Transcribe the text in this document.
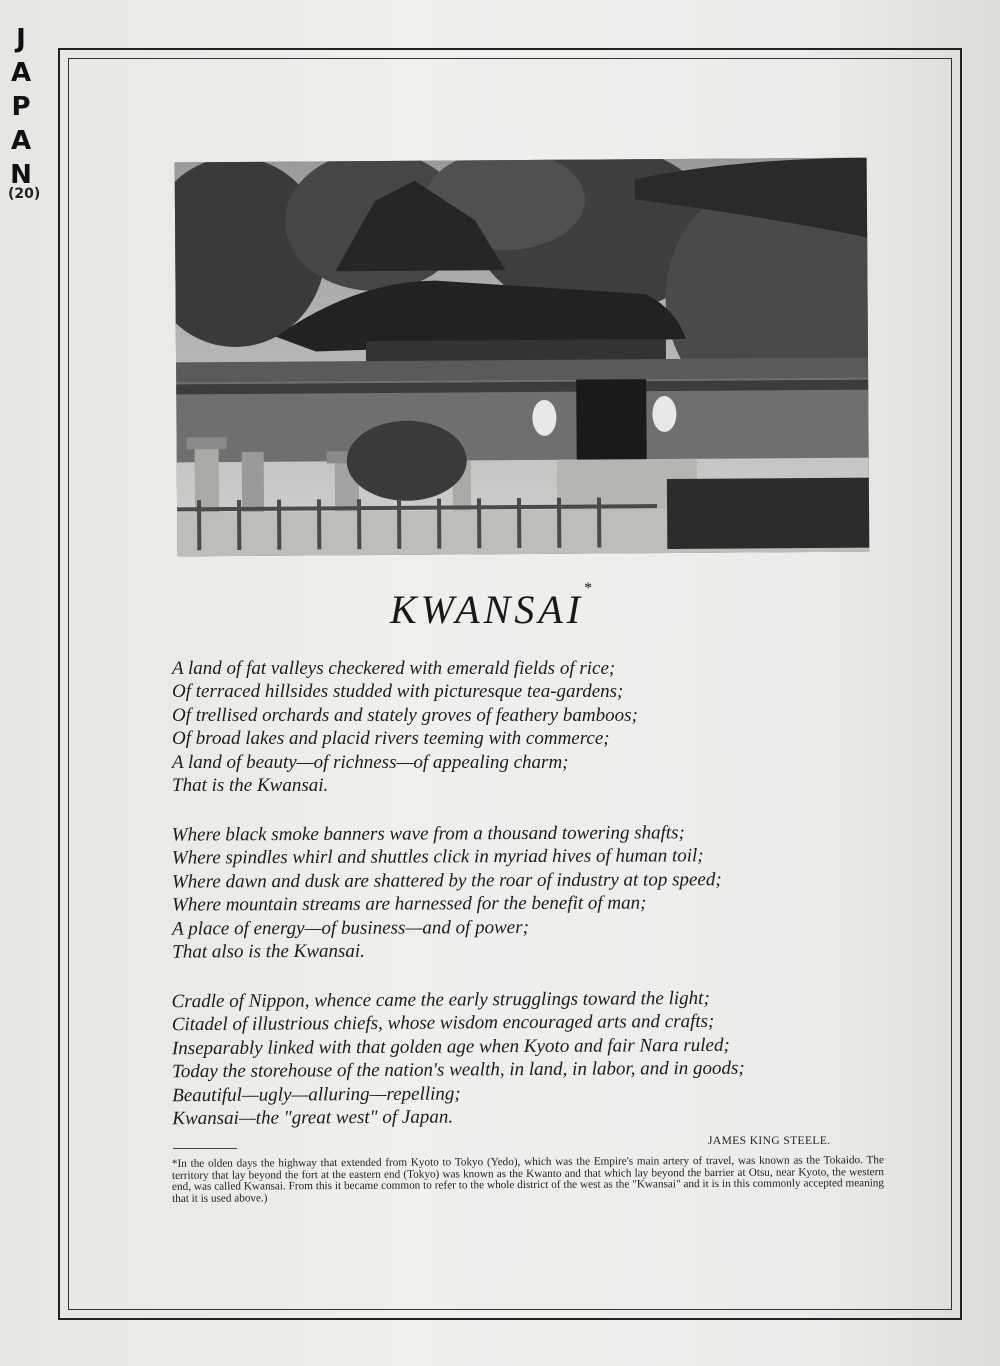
J
A
P
A
N
(20)
KWANSAI*
A land of fat valleys checkered with emerald fields of rice;
Of terraced hillsides studded with picturesque tea-gardens;
Of trellised orchards and stately groves of feathery bamboos;
Of broad lakes and placid rivers teeming with commerce;
A land of beauty—of richness—of appealing charm;
That is the Kwansai.
Where black smoke banners wave from a thousand towering shafts;
Where spindles whirl and shuttles click in myriad hives of human toil;
Where dawn and dusk are shattered by the roar of industry at top speed;
Where mountain streams are harnessed for the benefit of man;
A place of energy—of business—and of power;
That also is the Kwansai.
Cradle of Nippon, whence came the early strugglings toward the light;
Citadel of illustrious chiefs, whose wisdom encouraged arts and crafts;
Inseparably linked with that golden age when Kyoto and fair Nara ruled;
Today the storehouse of the nation's wealth, in land, in labor, and in goods;
Beautiful—ugly—alluring—repelling;
Kwansai—the "great west" of Japan.
JAMES KING STEELE.
*In the olden days the highway that extended from Kyoto to Tokyo (Yedo), which was the Empire's main artery of travel, was known as the Tokaido. The territory that lay beyond the fort at the eastern end (Tokyo) was known as the Kwanto and that which lay beyond the barrier at Otsu, near Kyoto, the western end, was called Kwansai. From this it became common to refer to the whole district of the west as the "Kwansai" and it is in this commonly accepted meaning that it is used above.)
